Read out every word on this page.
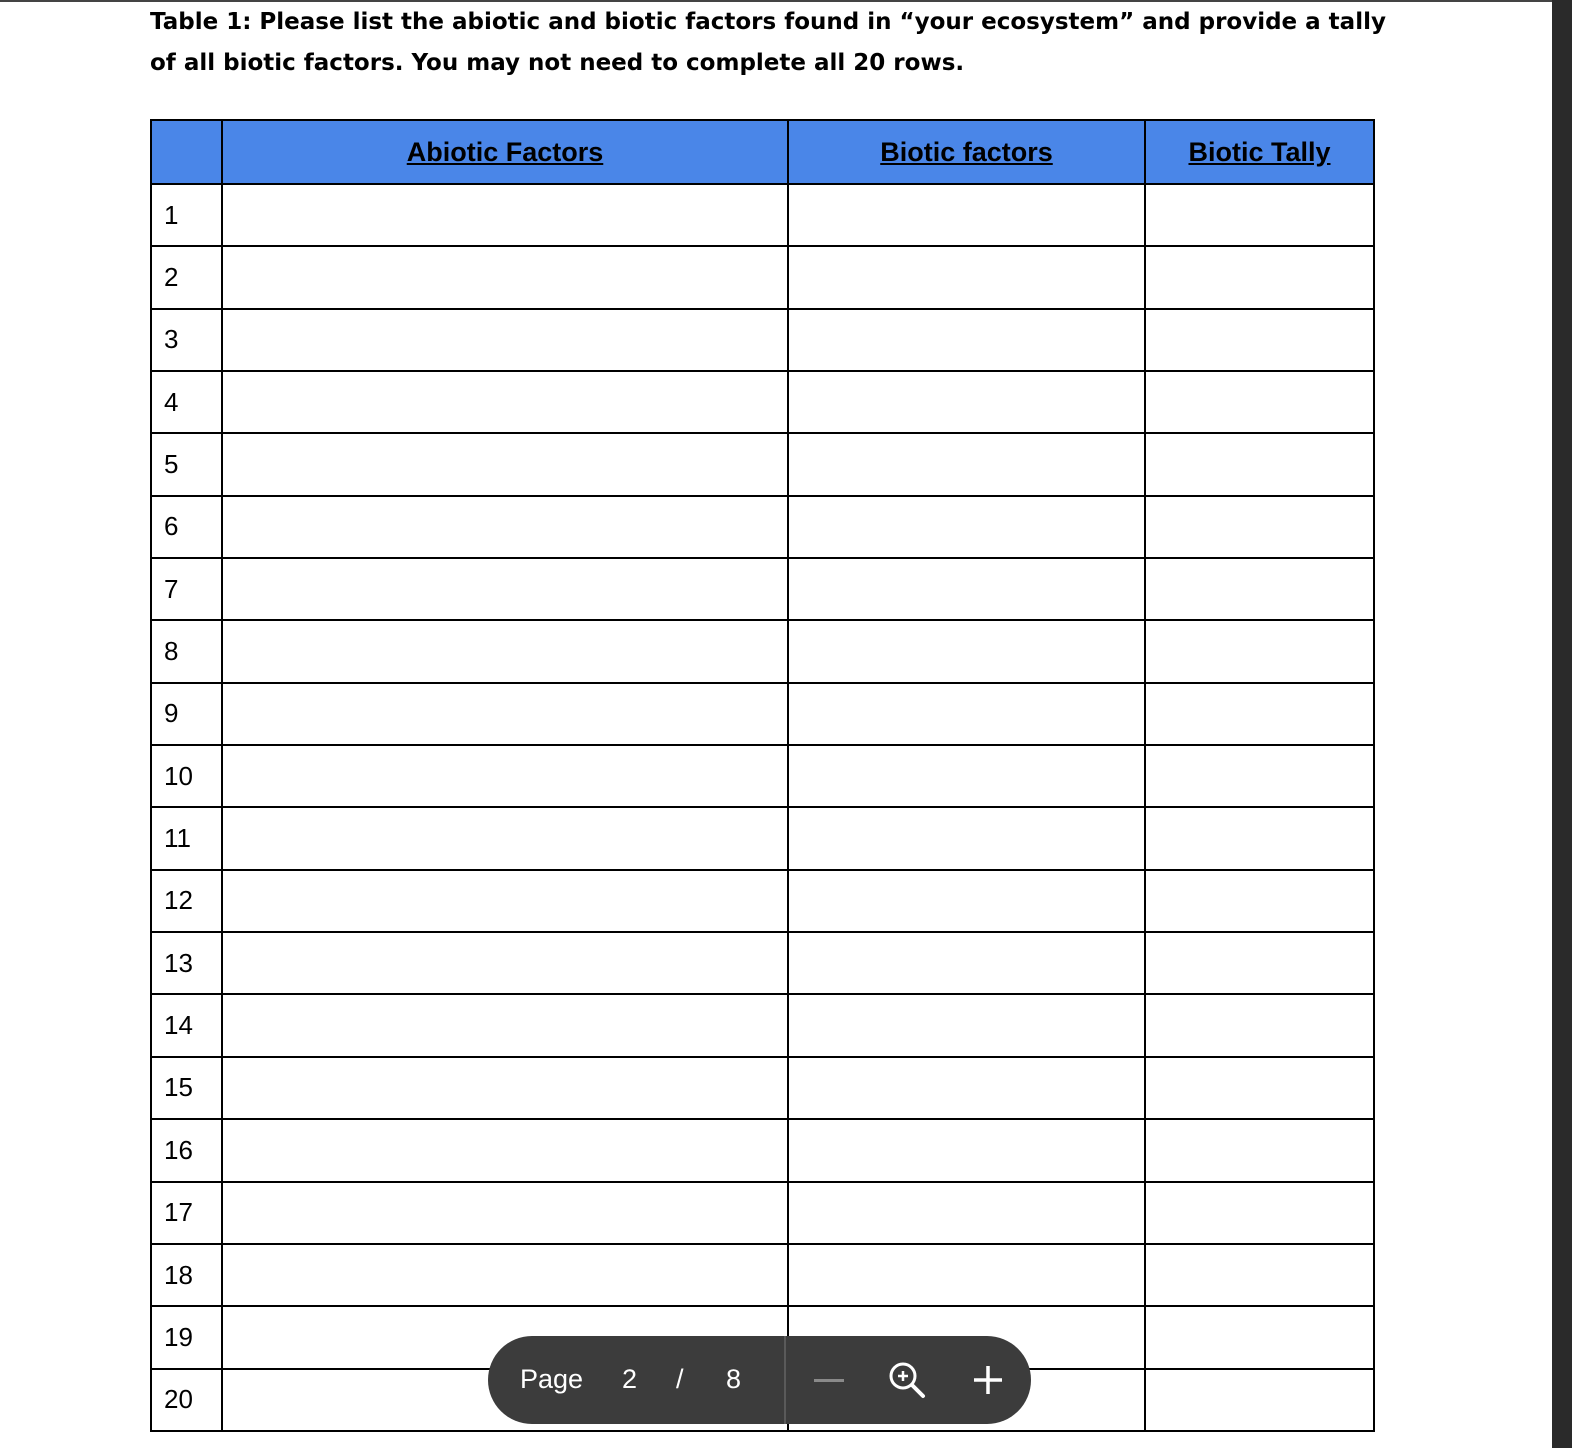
Table 1: Please list the abiotic and biotic factors found in “your ecosystem” and provide a tally of all biotic factors. You may not need to complete all 20 rows.

	Abiotic Factors	Biotic factors	Biotic Tally
1			
2			
3			
4			
5			
6			
7			
8			
9			
10			
11			
12			
13			
14			
15			
16			
17			
18			
19			
20			
Page 2 / 8
